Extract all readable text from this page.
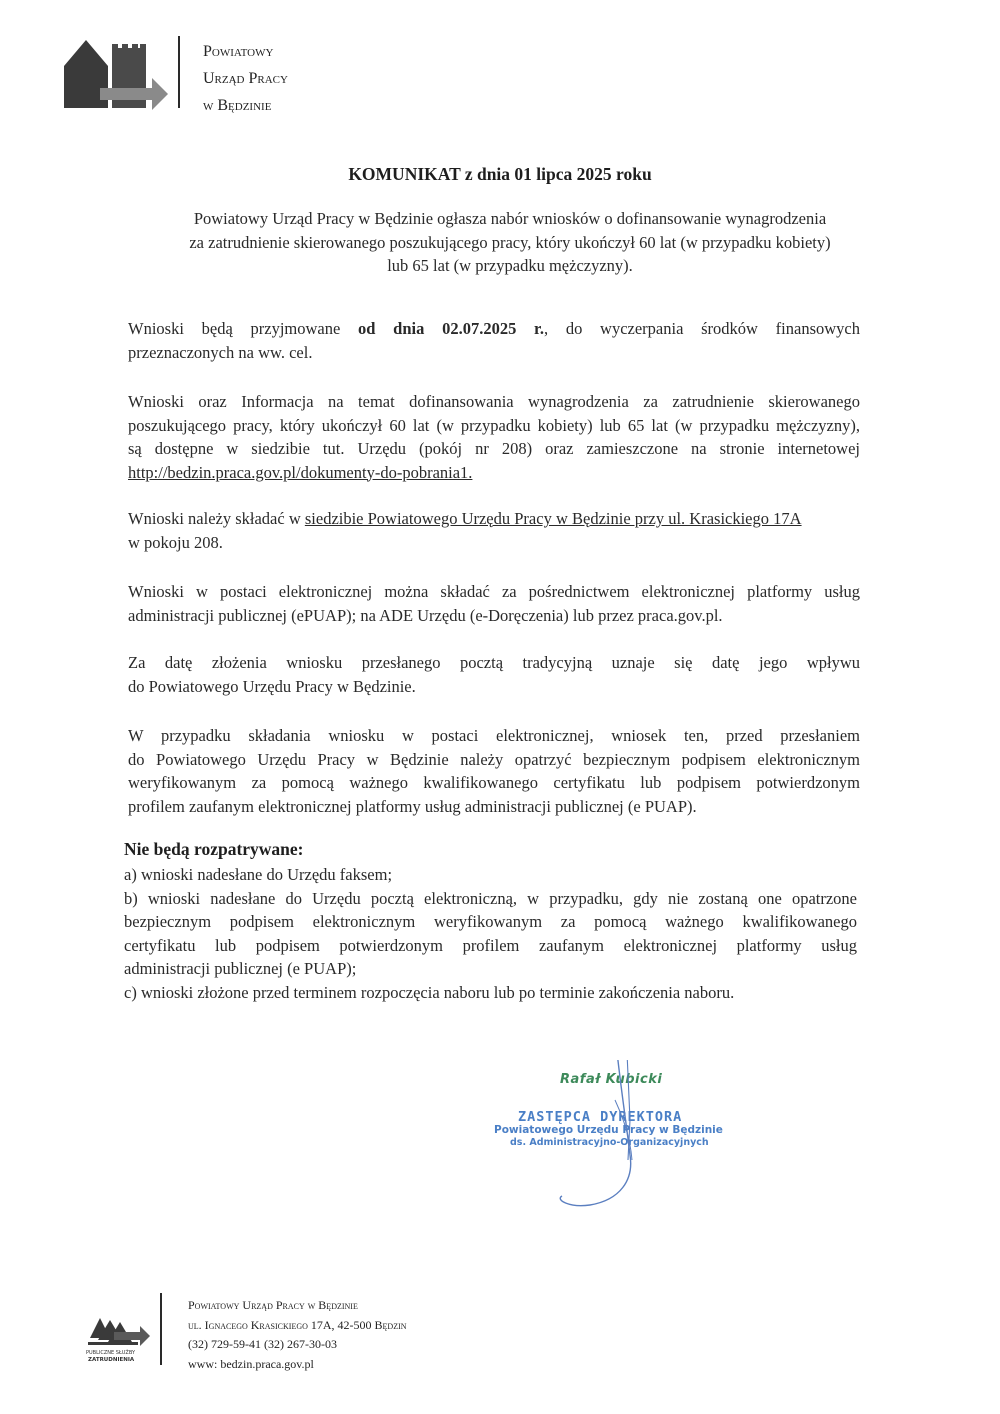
Powiatowy
Urząd Pracy
w Będzinie
KOMUNIKAT z dnia 01 lipca 2025 roku
Powiatowy Urząd Pracy w Będzinie ogłasza nabór wniosków o dofinansowanie wynagrodzenia
za zatrudnienie skierowanego poszukującego pracy, który ukończył 60 lat (w przypadku kobiety)
lub 65 lat (w przypadku mężczyzny).
Wnioski będą przyjmowane od dnia 02.07.2025 r., do wyczerpania środków finansowych
przeznaczonych na ww. cel.
Wnioski oraz Informacja na temat dofinansowania wynagrodzenia za zatrudnienie skierowanego
poszukującego pracy, który ukończył 60 lat (w przypadku kobiety) lub 65 lat (w przypadku mężczyzny),
są dostępne w siedzibie tut. Urzędu (pokój nr 208) oraz zamieszczone na stronie internetowej
http://bedzin.praca.gov.pl/dokumenty-do-pobrania1.
Wnioski należy składać w siedzibie Powiatowego Urzędu Pracy w Będzinie przy ul. Krasickiego 17A
w pokoju 208.
Wnioski w postaci elektronicznej można składać za pośrednictwem elektronicznej platformy usług
administracji publicznej (ePUAP); na ADE Urzędu (e-Doręczenia) lub przez praca.gov.pl.
Za datę złożenia wniosku przesłanego pocztą tradycyjną uznaje się datę jego wpływu
do Powiatowego Urzędu Pracy w Będzinie.
W przypadku składania wniosku w postaci elektronicznej, wniosek ten, przed przesłaniem
do Powiatowego Urzędu Pracy w Będzinie należy opatrzyć bezpiecznym podpisem elektronicznym
weryfikowanym za pomocą ważnego kwalifikowanego certyfikatu lub podpisem potwierdzonym
profilem zaufanym elektronicznej platformy usług administracji publicznej (e PUAP).
Nie będą rozpatrywane:
a) wnioski nadesłane do Urzędu faksem;
b) wnioski nadesłane do Urzędu pocztą elektroniczną, w przypadku, gdy nie zostaną one opatrzone
bezpiecznym podpisem elektronicznym weryfikowanym za pomocą ważnego kwalifikowanego
certyfikatu lub podpisem potwierdzonym profilem zaufanym elektronicznej platformy usług
administracji publicznej (e PUAP);
c) wnioski złożone przed terminem rozpoczęcia naboru lub po terminie zakończenia naboru.
Rafał Kubicki
ZASTĘPCA DYREKTORA
Powiatowego Urzędu Pracy w Będzinie
ds. Administracyjno-Organizacyjnych
PUBLICZNE SŁUŻBY
ZATRUDNIENIA
Powiatowy Urząd Pracy w Będzinie
ul. Ignacego Krasickiego 17A, 42-500 Będzin
(32) 729-59-41 (32) 267-30-03
www: bedzin.praca.gov.pl
